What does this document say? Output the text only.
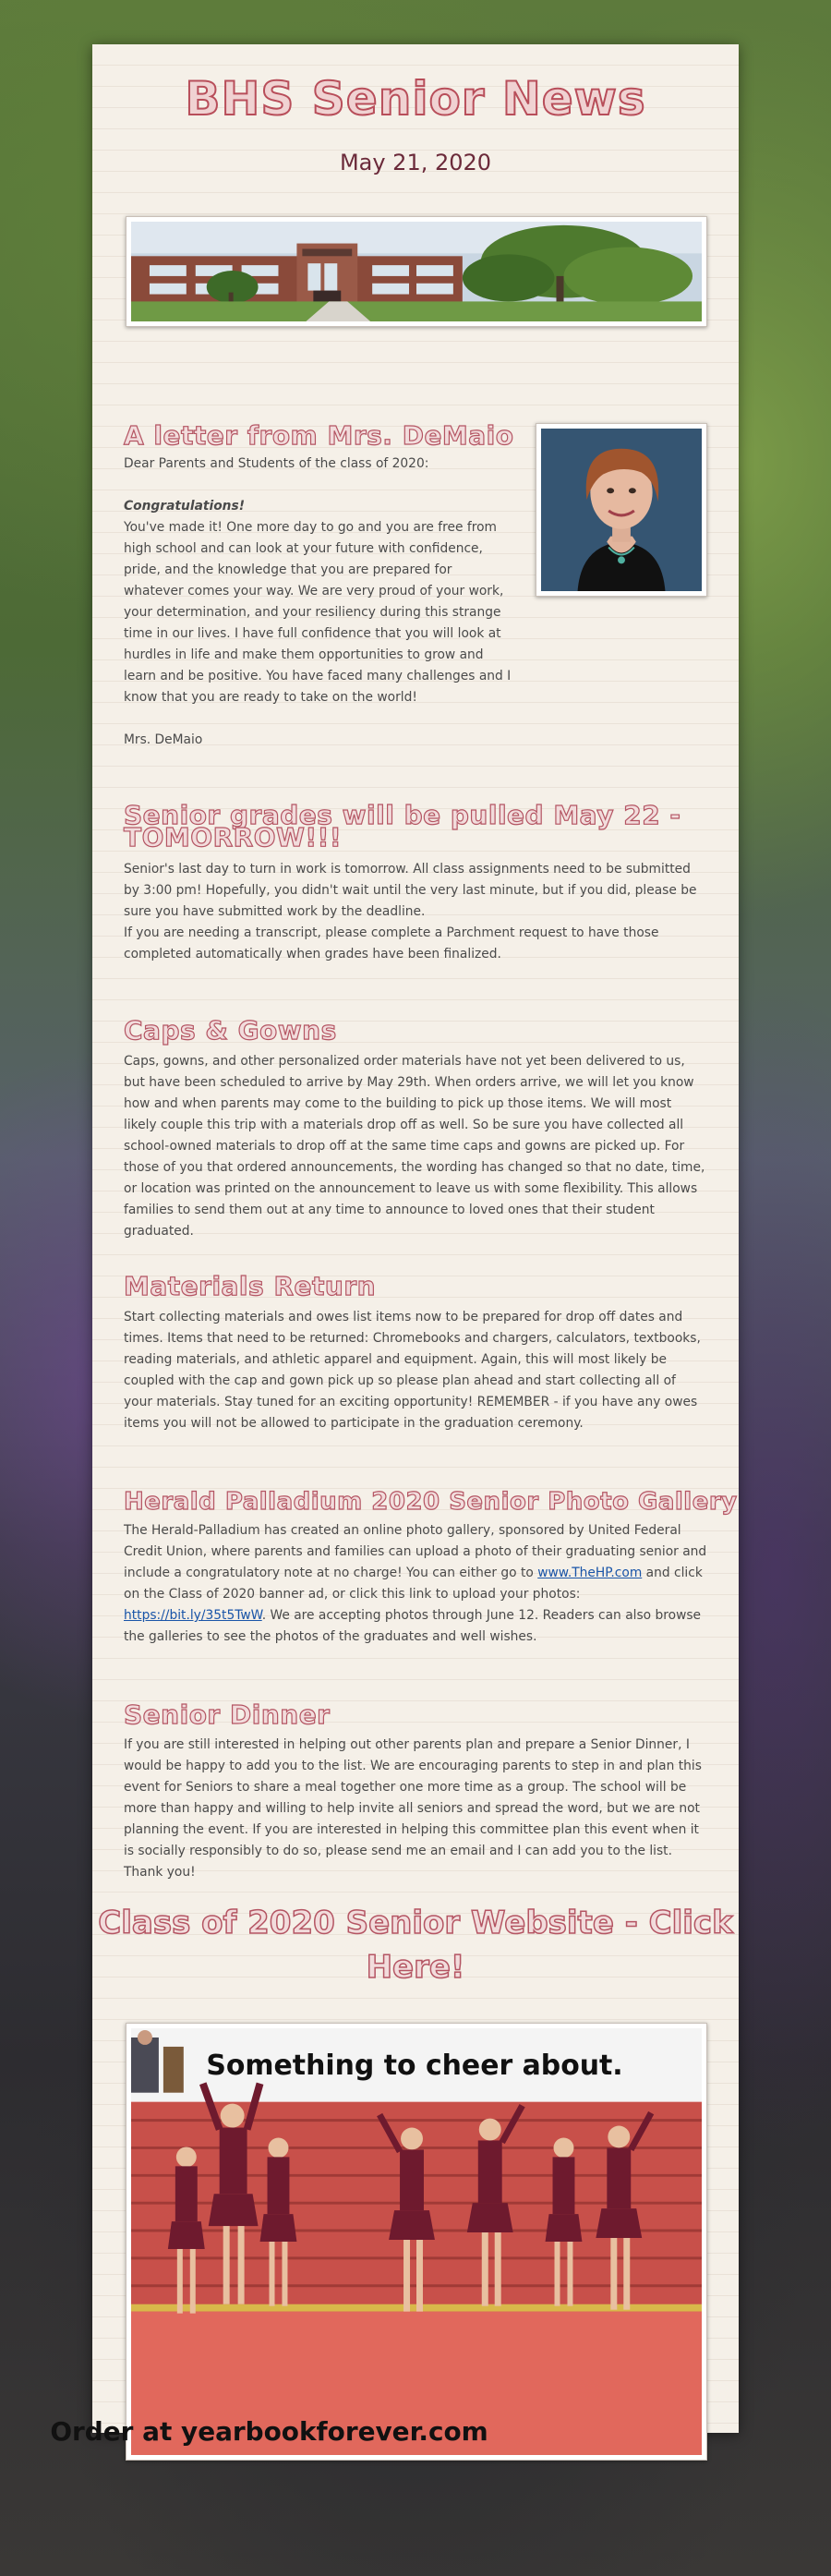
BHS Senior News
May 21, 2020
A letter from Mrs. DeMaio

Dear Parents and Students of the class of 2020:

Congratulations!

You've made it! One more day to go and you are free from high school and can look at your future with confidence, pride, and the knowledge that you are prepared for whatever comes your way. We are very proud of your work, your determination, and your resiliency during this strange time in our lives. I have full confidence that you will look at hurdles in life and make them opportunities to grow and learn and be positive. You have faced many challenges and I know that you are ready to take on the world!

Mrs. DeMaio

Senior grades will be pulled May 22 - TOMORROW!!!

Senior's last day to turn in work is tomorrow. All class assignments need to be submitted by 3:00 pm! Hopefully, you didn't wait until the very last minute, but if you did, please be sure you have submitted work by the deadline.

If you are needing a transcript, please complete a Parchment request to have those completed automatically when grades have been finalized.

Caps & Gowns

Caps, gowns, and other personalized order materials have not yet been delivered to us, but have been scheduled to arrive by May 29th. When orders arrive, we will let you know how and when parents may come to the building to pick up those items. We will most likely couple this trip with a materials drop off as well. So be sure you have collected all school-owned materials to drop off at the same time caps and gowns are picked up. For those of you that ordered announcements, the wording has changed so that no date, time, or location was printed on the announcement to leave us with some flexibility. This allows families to send them out at any time to announce to loved ones that their student graduated.

Materials Return

Start collecting materials and owes list items now to be prepared for drop off dates and times. Items that need to be returned: Chromebooks and chargers, calculators, textbooks, reading materials, and athletic apparel and equipment. Again, this will most likely be coupled with the cap and gown pick up so please plan ahead and start collecting all of your materials. Stay tuned for an exciting opportunity! REMEMBER - if you have any owes items you will not be allowed to participate in the graduation ceremony.

Herald Palladium 2020 Senior Photo Gallery

The Herald-Palladium has created an online photo gallery, sponsored by United Federal Credit Union, where parents and families can upload a photo of their graduating senior and include a congratulatory note at no charge! You can either go to www.TheHP.com and click on the Class of 2020 banner ad, or click this link to upload your photos: https://bit.ly/35t5TwW. We are accepting photos through June 12. Readers can also browse the galleries to see the photos of the graduates and well wishes.

Senior Dinner

If you are still interested in helping out other parents plan and prepare a Senior Dinner, I would be happy to add you to the list. We are encouraging parents to step in and plan this event for Seniors to share a meal together one more time as a group. The school will be more than happy and willing to help invite all seniors and spread the word, but we are not planning the event. If you are interested in helping this committee plan this event when it is socially responsibly to do so, please send me an email and I can add you to the list. Thank you!

Class of 2020 Senior Website - Click Here!
Something to cheer about.
Order at yearbookforever.com
